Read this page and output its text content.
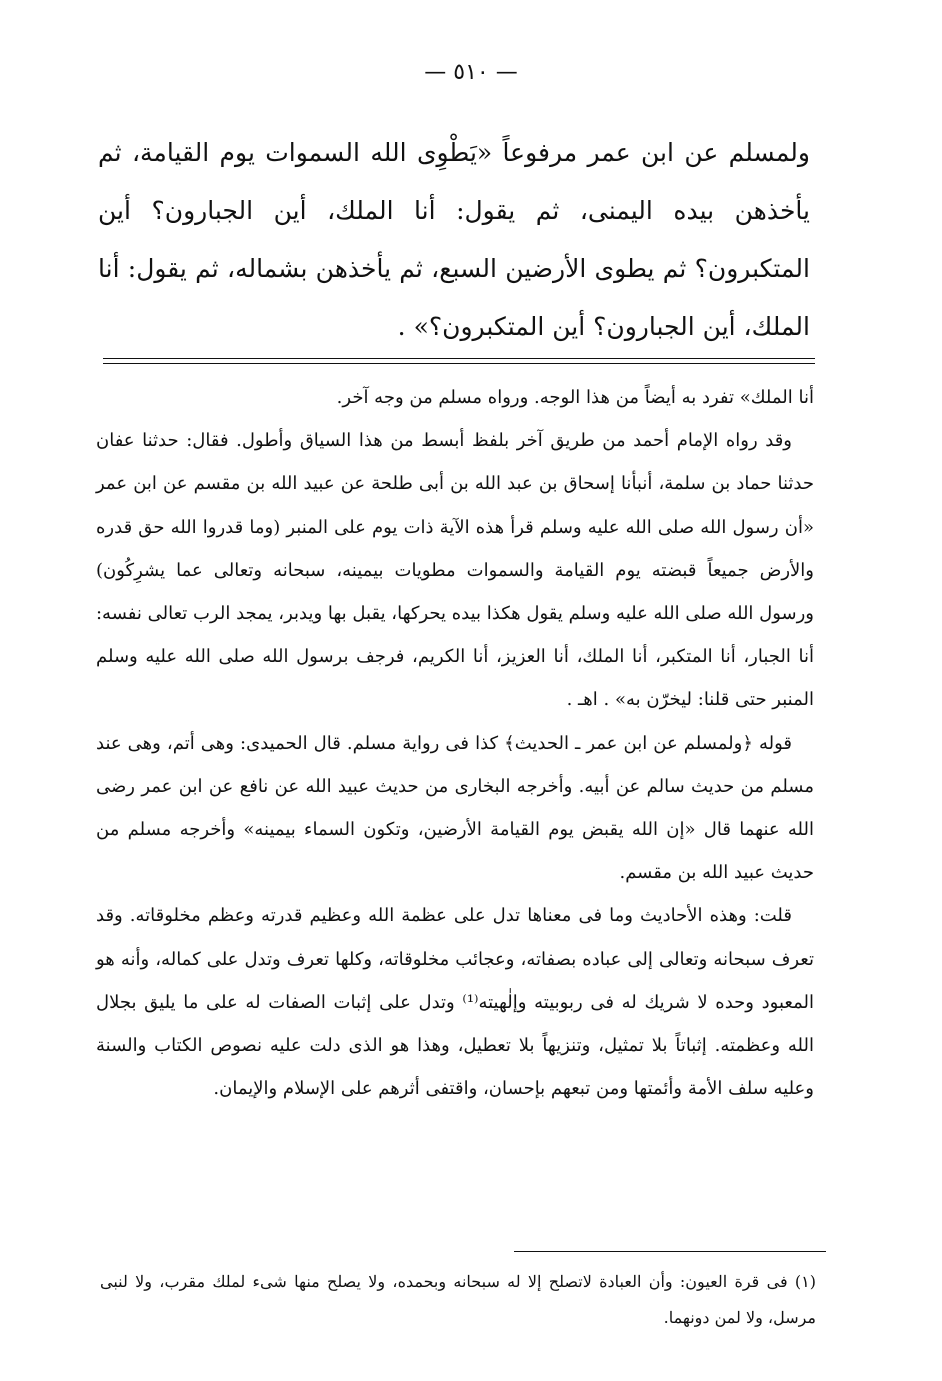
— ٥١٠ —

ولمسلم عن ابن عمر مرفوعاً «يَطْوِى الله السموات يوم القيامة، ثم يأخذهن بيده اليمنى، ثم يقول: أنا الملك، أين الجبارون؟ أين المتكبرون؟ ثم يطوى الأرضين السبع، ثم يأخذهن بشماله، ثم يقول: أنا الملك، أين الجبارون؟ أين المتكبرون؟» .

أنا الملك» تفرد به أيضاً من هذا الوجه. ورواه مسلم من وجه آخر.

وقد رواه الإمام أحمد من طريق آخر بلفظ أبسط من هذا السياق وأطول. فقال: حدثنا عفان حدثنا حماد بن سلمة، أنبأنا إسحاق بن عبد الله بن أبى طلحة عن عبيد الله بن مقسم عن ابن عمر «أن رسول الله صلى الله عليه وسلم قرأ هذه الآية ذات يوم على المنبر (وما قدروا الله حق قدره والأرض جميعاً قبضته يوم القيامة والسموات مطويات بيمينه، سبحانه وتعالى عما يشرِكُون) ورسول الله صلى الله عليه وسلم يقول هكذا بيده يحركها، يقبل بها ويدبر، يمجد الرب تعالى نفسه: أنا الجبار، أنا المتكبر، أنا الملك، أنا العزيز، أنا الكريم، فرجف برسول الله صلى الله عليه وسلم المنبر حتى قلنا: ليخرّن به» . اهـ .

قوله ﴿ولمسلم عن ابن عمر ـ الحديث﴾ كذا فى رواية مسلم. قال الحميدى: وهى أتم، وهى عند مسلم من حديث سالم عن أبيه. وأخرجه البخارى من حديث عبيد الله عن نافع عن ابن عمر رضى الله عنهما قال «إن الله يقبض يوم القيامة الأرضين، وتكون السماء بيمينه» وأخرجه مسلم من حديث عبيد الله بن مقسم.

قلت: وهذه الأحاديث وما فى معناها تدل على عظمة الله وعظيم قدرته وعظم مخلوقاته. وقد تعرف سبحانه وتعالى إلى عباده بصفاته، وعجائب مخلوقاته، وكلها تعرف وتدل على كماله، وأنه هو المعبود وحده لا شريك له فى ربوبيته وإلٰهيته⁽¹⁾ وتدل على إثبات الصفات له على ما يليق بجلال الله وعظمته. إثباتاً بلا تمثيل، وتنزيهاً بلا تعطيل، وهذا هو الذى دلت عليه نصوص الكتاب والسنة وعليه سلف الأمة وأئمتها ومن تبعهم بإحسان، واقتفى أثرهم على الإسلام والإيمان.

(١) فى قرة العيون: وأن العبادة لاتصلح إلا له سبحانه وبحمده، ولا يصلح منها شىء لملك مقرب، ولا لنبى مرسل، ولا لمن دونهما.
